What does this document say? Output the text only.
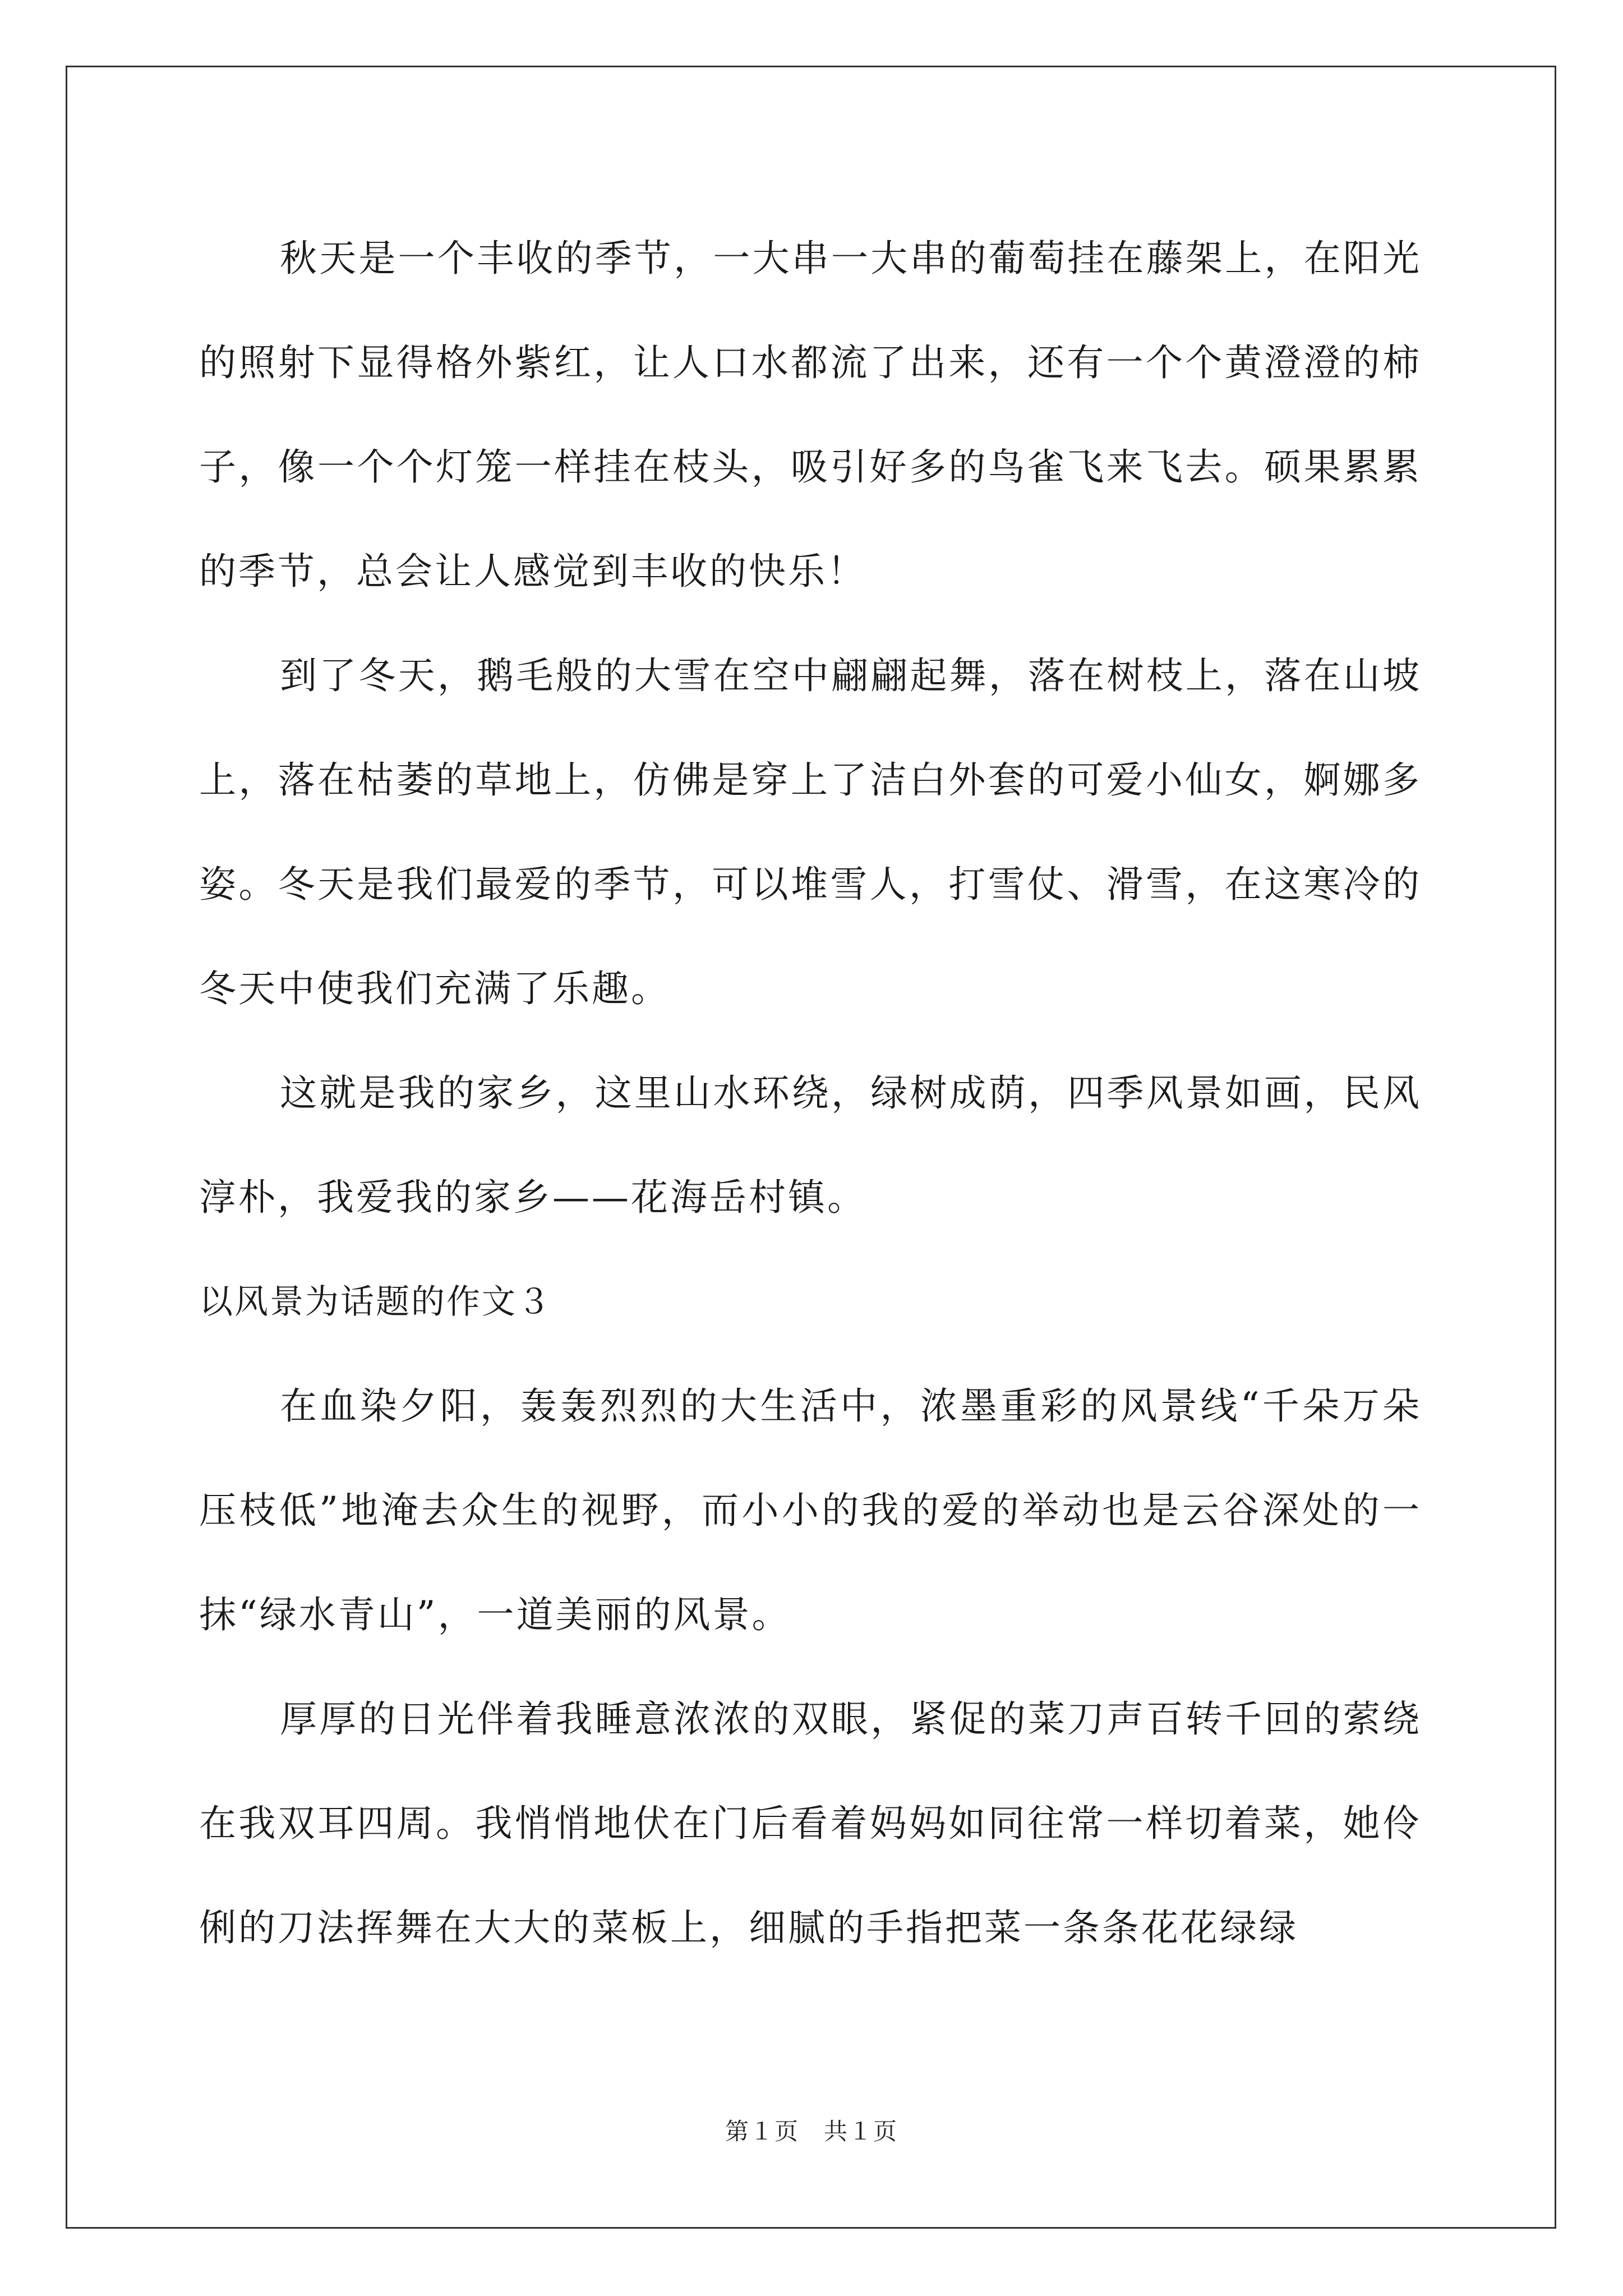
秋天是一个丰收的季节，一大串一大串的葡萄挂在藤架上，在阳光的照射下显得格外紫红，让人口水都流了出来，还有一个个黄澄澄的柿子，像一个个灯笼一样挂在枝头，吸引好多的鸟雀飞来飞去。硕果累累的季节，总会让人感觉到丰收的快乐！

到了冬天，鹅毛般的大雪在空中翩翩起舞，落在树枝上，落在山坡上，落在枯萎的草地上，仿佛是穿上了洁白外套的可爱小仙女，婀娜多姿。冬天是我们最爱的季节，可以堆雪人，打雪仗、滑雪，在这寒冷的冬天中使我们充满了乐趣。

这就是我的家乡，这里山水环绕，绿树成荫，四季风景如画，民风淳朴，我爱我的家乡——花海岳村镇。

以风景为话题的作文３

在血染夕阳，轰轰烈烈的大生活中，浓墨重彩的风景线“千朵万朵压枝低”地淹去众生的视野，而小小的我的爱的举动也是云谷深处的一抹“绿水青山”，一道美丽的风景。

厚厚的日光伴着我睡意浓浓的双眼，紧促的菜刀声百转千回的萦绕在我双耳四周。我悄悄地伏在门后看着妈妈如同往常一样切着菜，她伶俐的刀法挥舞在大大的菜板上，细腻的手指把菜一条条花花绿绿

第１页 共１页
